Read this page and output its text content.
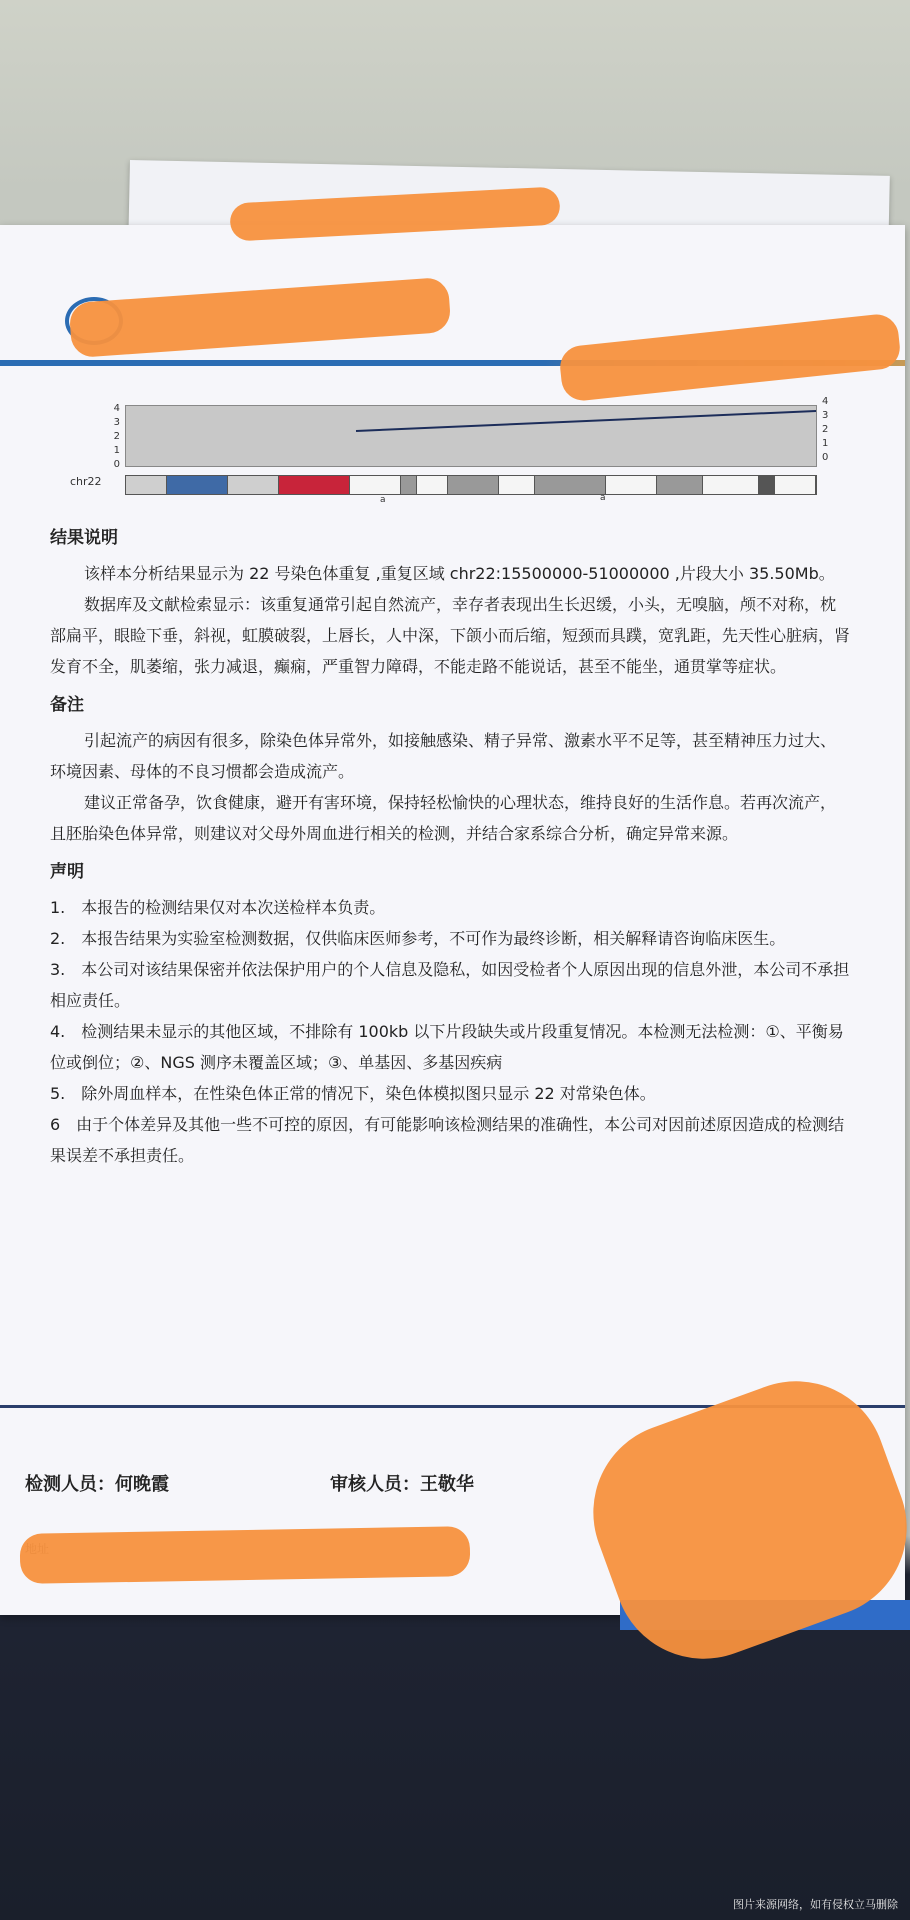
4
3
2
1
0
4
3
2
1
0
chr22
a	a
结果说明

该样本分析结果显示为 22 号染色体重复 ,重复区域 chr22:15500000-51000000 ,片段大小 35.50Mb。

数据库及文献检索显示：该重复通常引起自然流产，幸存者表现出生长迟缓，小头，无嗅脑，颅不对称，枕部扁平，眼睑下垂，斜视，虹膜破裂，上唇长，人中深，下颌小而后缩，短颈而具蹼，宽乳距，先天性心脏病，肾发育不全，肌萎缩，张力减退，癫痫，严重智力障碍，不能走路不能说话，甚至不能坐，通贯掌等症状。

备注

引起流产的病因有很多，除染色体异常外，如接触感染、精子异常、激素水平不足等，甚至精神压力过大、环境因素、母体的不良习惯都会造成流产。

建议正常备孕，饮食健康，避开有害环境，保持轻松愉快的心理状态，维持良好的生活作息。若再次流产，且胚胎染色体异常，则建议对父母外周血进行相关的检测，并结合家系综合分析，确定异常来源。

声明

1.　本报告的检测结果仅对本次送检样本负责。

2.　本报告结果为实验室检测数据，仅供临床医师参考，不可作为最终诊断，相关解释请咨询临床医生。

3.　本公司对该结果保密并依法保护用户的个人信息及隐私，如因受检者个人原因出现的信息外泄，本公司不承担相应责任。

4.　检测结果未显示的其他区域，不排除有 100kb 以下片段缺失或片段重复情况。本检测无法检测：①、平衡易位或倒位；②、NGS 测序未覆盖区域；③、单基因、多基因疾病

5.　除外周血样本，在性染色体正常的情况下，染色体模拟图只显示 22 对常染色体。

6　由于个体差异及其他一些不可控的原因，有可能影响该检测结果的准确性，本公司对因前述原因造成的检测结果误差不承担责任。

检测人员：何晚霞	审核人员：王敬华
图片来源网络，如有侵权立马删除
